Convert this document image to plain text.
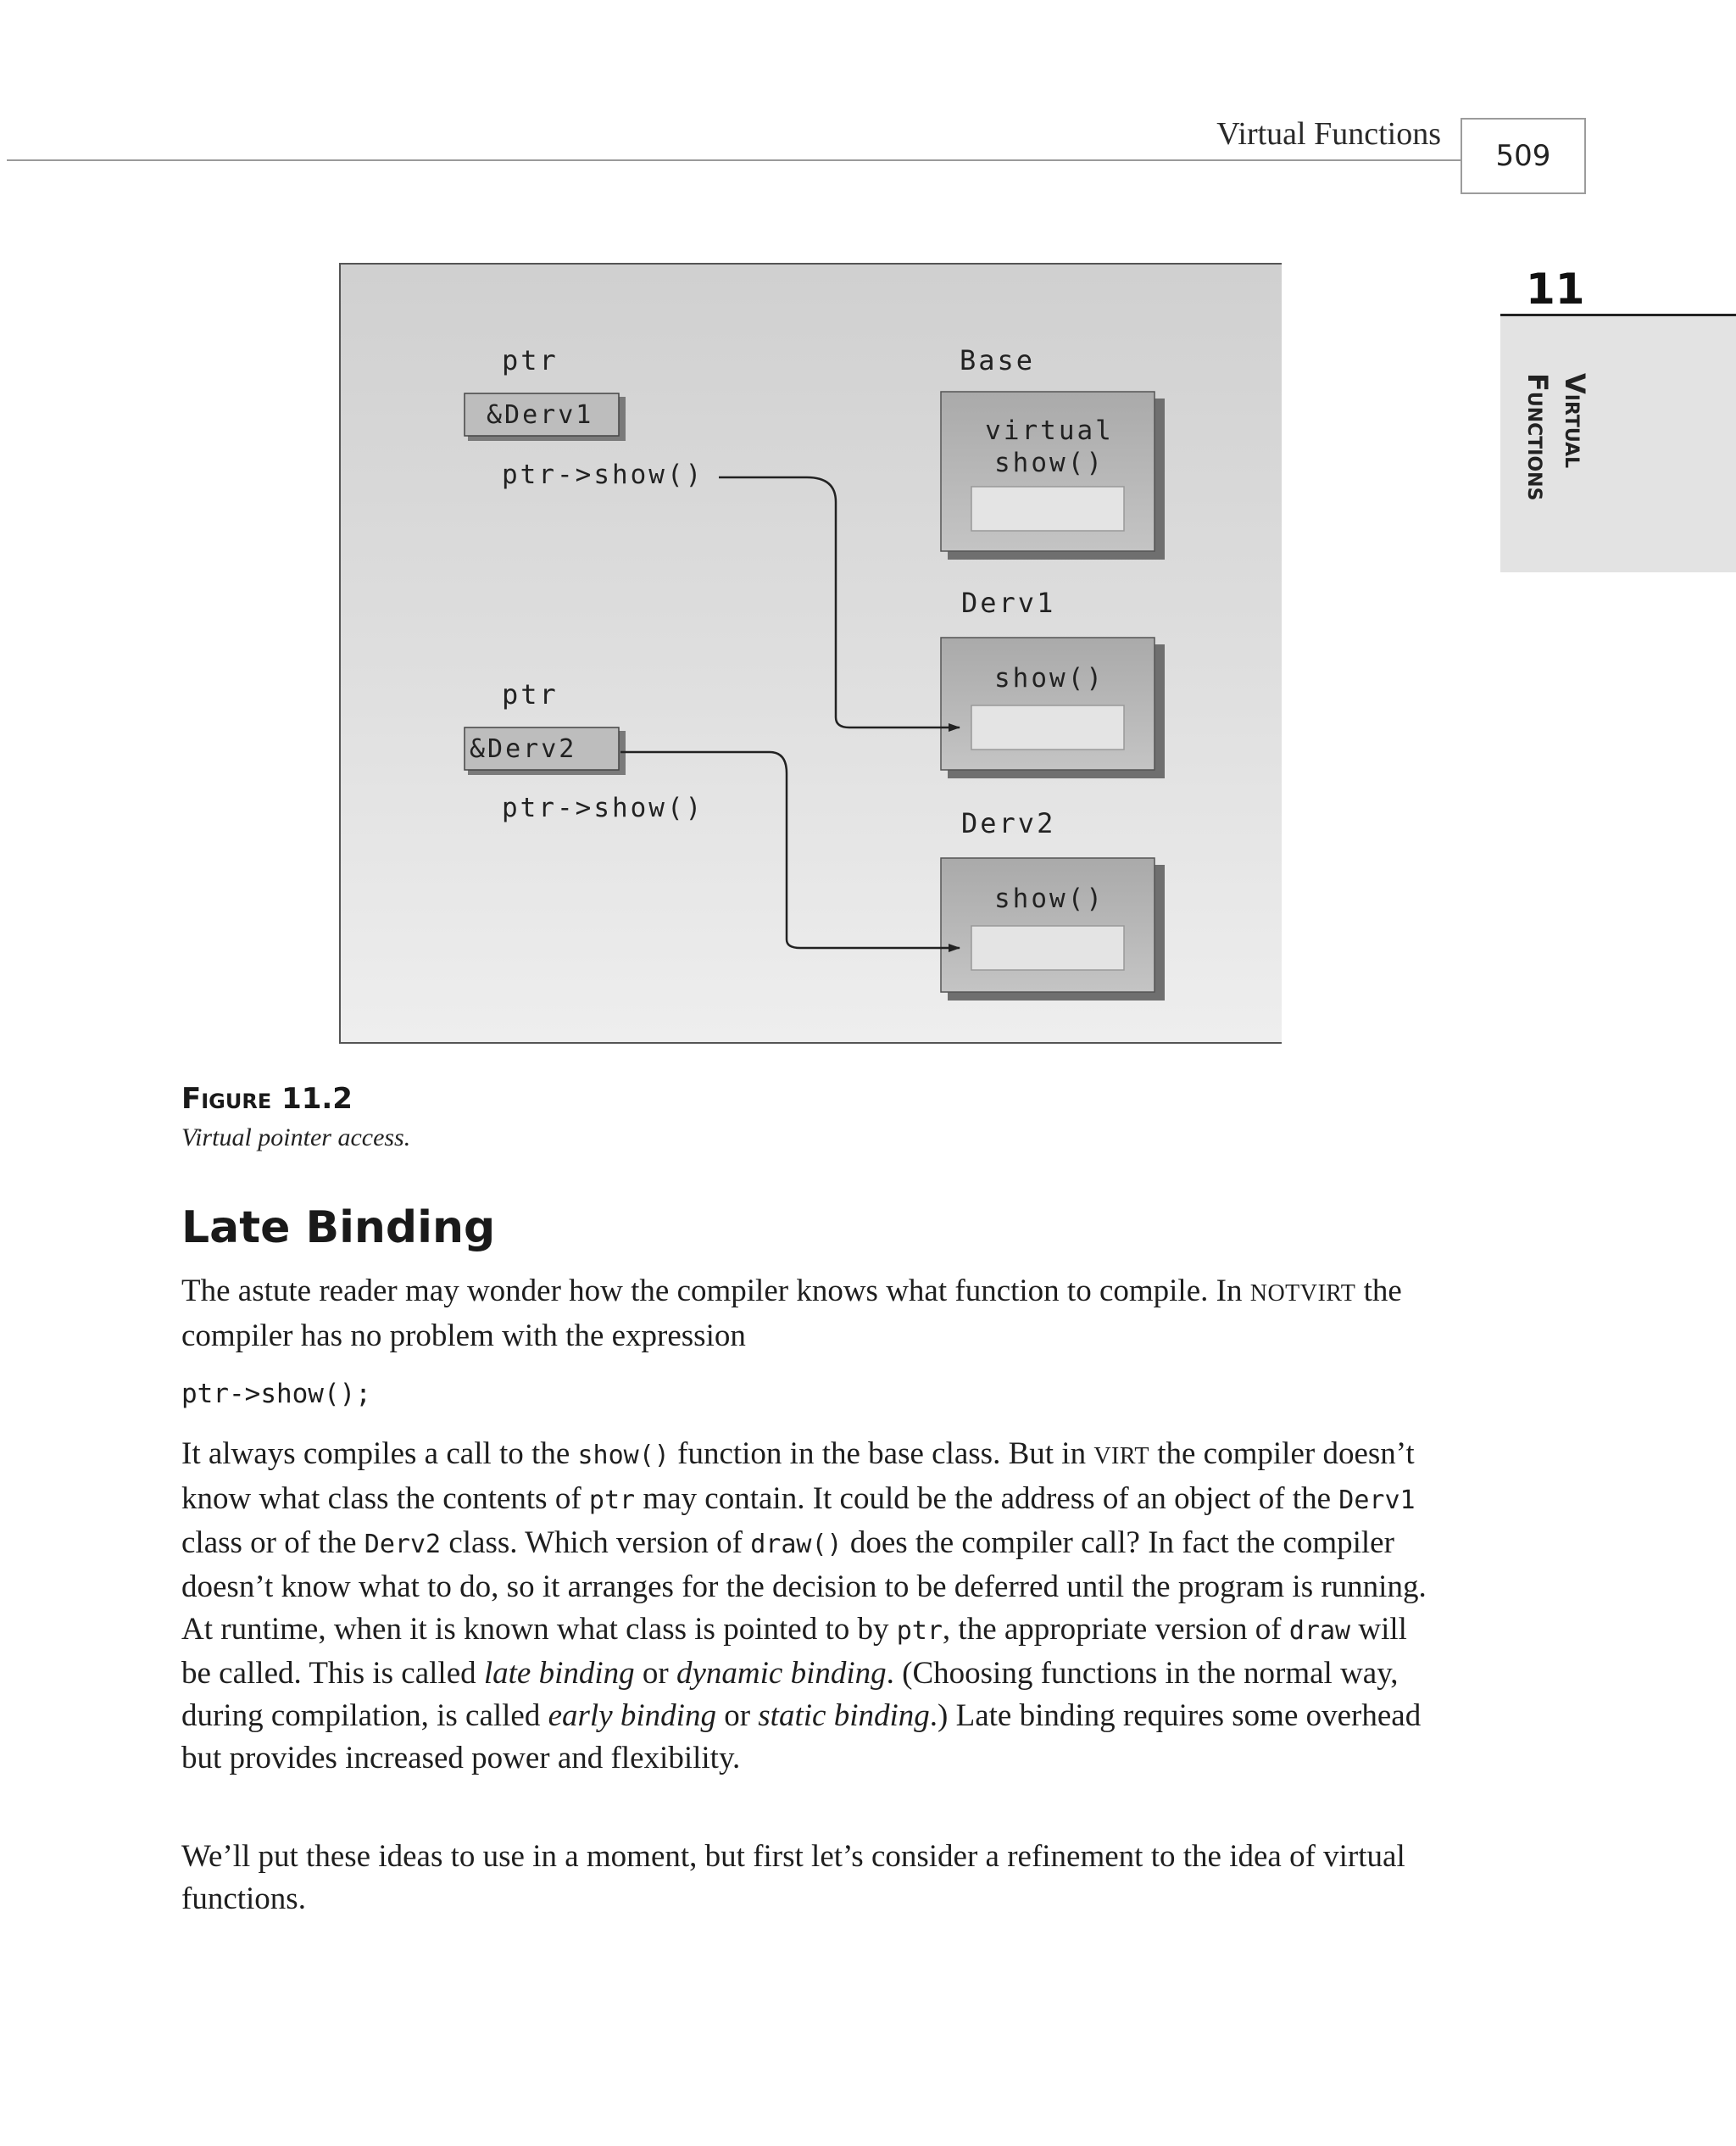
Virtual Functions
509
11
Virtual
Functions
ptr
&Derv1
ptr->show()
ptr
&Derv2
ptr->show()
Base
virtual
show()
Derv1
show()
Derv2
show()
Figure 11.2
Virtual pointer access.
Late Binding

The astute reader may wonder how the compiler knows what function to compile. In NOTVIRT the compiler has no problem with the expression

ptr->show();

It always compiles a call to the show() function in the base class. But in VIRT the compiler doesn’t know what class the contents of ptr may contain. It could be the address of an object of the Derv1 class or of the Derv2 class. Which version of draw() does the compiler call? In fact the compiler doesn’t know what to do, so it arranges for the decision to be deferred until the program is running. At runtime, when it is known what class is pointed to by ptr, the appropriate version of draw will be called. This is called late binding or dynamic binding. (Choosing functions in the normal way, during compilation, is called early binding or static binding.) Late binding requires some overhead but provides increased power and flexibility.

We’ll put these ideas to use in a moment, but first let’s consider a refinement to the idea of virtual functions.
